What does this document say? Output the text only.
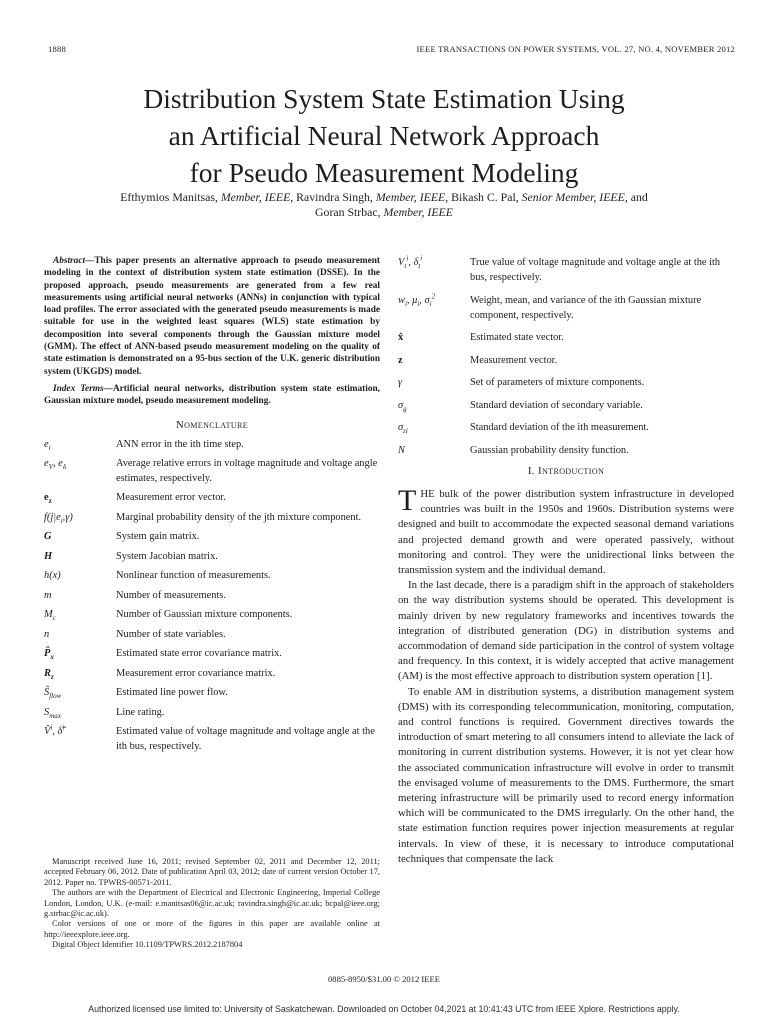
1888	IEEE TRANSACTIONS ON POWER SYSTEMS, VOL. 27, NO. 4, NOVEMBER 2012
Distribution System State Estimation Using
an Artificial Neural Network Approach
for Pseudo Measurement Modeling
Efthymios Manitsas, Member, IEEE, Ravindra Singh, Member, IEEE, Bikash C. Pal, Senior Member, IEEE, and
Goran Strbac, Member, IEEE

Abstract—This paper presents an alternative approach to pseudo measurement modeling in the context of distribution system state estimation (DSSE). In the proposed approach, pseudo measurements are generated from a few real measurements using artificial neural networks (ANNs) in conjunction with typical load profiles. The error associated with the generated pseudo measurements is made suitable for use in the weighted least squares (WLS) state estimation by decomposition into several components through the Gaussian mixture model (GMM). The effect of ANN-based pseudo measurement modeling on the quality of state estimation is demonstrated on a 95-bus section of the U.K. generic distribution system (UKGDS) model.

Index Terms—Artificial neural networks, distribution system state estimation, Gaussian mixture model, pseudo measurement modeling.

Nomenclature
$e_i$	ANN error in the ith time step.
$e_V$, $e_\delta$	Average relative errors in voltage magnitude and voltage angle estimates, respectively.
$e_z$	Measurement error vector.
$f(j|e_i,\gamma)$	Marginal probability density of the jth mixture component.
G	System gain matrix.
H	System Jacobian matrix.
h(x)	Nonlinear function of measurements.
m	Number of measurements.
$M_c$	Number of Gaussian mixture components.
n	Number of state variables.
$P̂_x$	Estimated state error covariance matrix.
$R_z$	Measurement error covariance matrix.
$Ŝ_{flow}$	Estimated line power flow.
$S_{max}$	Line rating.
V̂$^i$, δ̂$^i$	Estimated value of voltage magnitude and voltage angle at the ith bus, respectively.
$V_t^i$, $\delta_t^i$	True value of voltage magnitude and voltage angle at the ith bus, respectively.
$w_i$, $\mu_i$, $\sigma_i^2$	Weight, mean, and variance of the ith Gaussian mixture component, respectively.
x̂	Estimated state vector.
z	Measurement vector.
γ	Set of parameters of mixture components.
$\sigma_g$	Standard deviation of secondary variable.
$\sigma_{zi}$	Standard deviation of the ith measurement.
N	Gaussian probability density function.
I. Introduction

THE bulk of the power distribution system infrastructure in developed countries was built in the 1950s and 1960s. Distribution systems were designed and built to accommodate the expected seasonal demand variations and projected demand growth and were operated passively, without monitoring and control. They were the unidirectional links between the transmission system and the individual demand.

In the last decade, there is a paradigm shift in the approach of stakeholders on the way distribution systems should be operated. This development is mainly driven by new regulatory frameworks and incentives towards the integration of distributed generation (DG) in distribution systems and accommodation of demand side participation in the control of system voltage and frequency. In this context, it is widely accepted that active management (AM) is the most effective approach to distribution system operation [1].

To enable AM in distribution systems, a distribution management system (DMS) with its corresponding telecommunication, monitoring, computation, and control functions is required. Government directives towards the introduction of smart metering to all consumers intend to alleviate the lack of monitoring in current distribution systems. However, it is not yet clear how the associated communication infrastructure will evolve in order to transmit the envisaged volume of measurements to the DMS. Furthermore, the smart metering infrastructure will be primarily used to record energy information which will be communicated to the DMS irregularly. On the other hand, the state estimation function requires power injection measurements at regular intervals. In view of these, it is necessary to introduce computational techniques that compensate the lack

Manuscript received June 16, 2011; revised September 02, 2011 and December 12, 2011; accepted February 06, 2012. Date of publication April 03, 2012; date of current version October 17, 2012. Paper no. TPWRS-00571-2011.

The authors are with the Department of Electrical and Electronic Engineering, Imperial College London, London, U.K. (e-mail: e.manitsas06@ic.ac.uk; ravindra.singh@ic.ac.uk; bcpal@ieee.org; g.strbac@ic.ac.uk).

Color versions of one or more of the figures in this paper are available online at http://ieeexplore.ieee.org.

Digital Object Identifier 10.1109/TPWRS.2012.2187804

0885-8950/$31.00 © 2012 IEEE
Authorized licensed use limited to: University of Saskatchewan. Downloaded on October 04,2021 at 10:41:43 UTC from IEEE Xplore. Restrictions apply.
